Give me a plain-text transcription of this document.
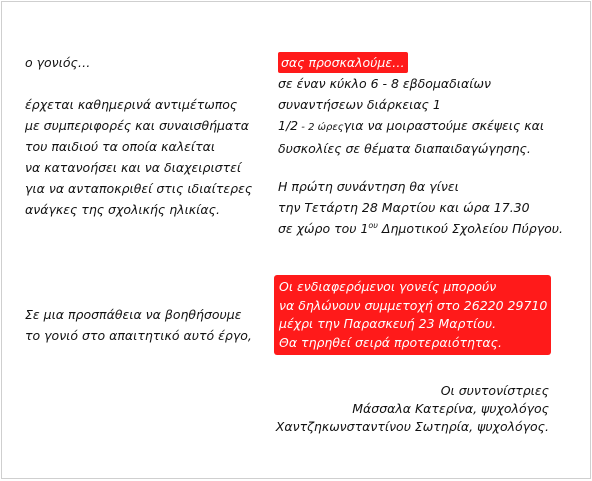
ο γονιός…
έρχεται καθημερινά αντιμέτωπος
με συμπεριφορές και συναισθήματα
του παιδιού τα οποία καλείται
να κατανοήσει και να διαχειριστεί
για να ανταποκριθεί στις ιδιαίτερες
ανάγκες της σχολικής ηλικίας.
Σε μια προσπάθεια να βοηθήσουμε
το γονιό στο απαιτητικό αυτό έργο,
σας προσκαλούμε…
σε έναν κύκλο 6 - 8 εβδομαδιαίων
συναντήσεων διάρκειας 1
1/2 - 2 ώρεςγια να μοιραστούμε σκέψεις και
δυσκολίες σε θέματα διαπαιδαγώγησης.
Η πρώτη συνάντηση θα γίνει
την Τετάρτη 28 Μαρτίου και ώρα 17.30
σε χώρο του $1^{o\upsilon}$ Δημοτικού Σχολείου Πύργου.
Οι ενδιαφερόμενοι γονείς μπορούν
να δηλώνουν συμμετοχή στο 26220 29710
μέχρι την Παρασκευή 23 Μαρτίου.
Θα τηρηθεί σειρά προτεραιότητας.
Οι συντονίστριες
Μάσσαλα Κατερίνα, ψυχολόγος
Χαντζηκωνσταντίνου Σωτηρία, ψυχολόγος.
